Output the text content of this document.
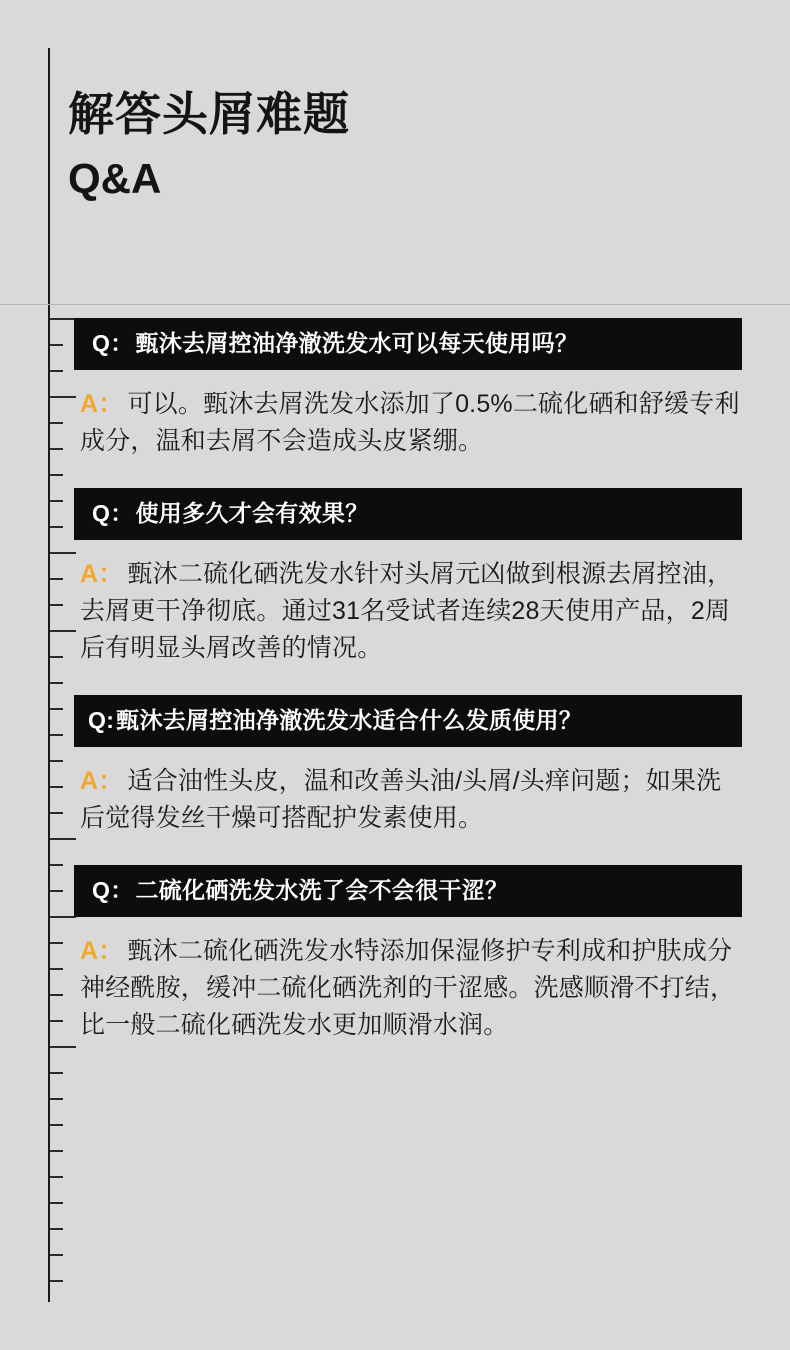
解答头屑难题
Q&A
Q： 甄沐去屑控油净澈洗发水可以每天使用吗？
A： 可以。甄沐去屑洗发水添加了0.5%二硫化硒和舒缓专利成分，温和去屑不会造成头皮紧绷。
Q： 使用多久才会有效果？
A： 甄沐二硫化硒洗发水针对头屑元凶做到根源去屑控油，去屑更干净彻底。通过31名受试者连续28天使用产品，2周后有明显头屑改善的情况。
Q: 甄沐去屑控油净澈洗发水适合什么发质使用？
A： 适合油性头皮，温和改善头油/头屑/头痒问题；如果洗后觉得发丝干燥可搭配护发素使用。
Q： 二硫化硒洗发水洗了会不会很干涩？
A： 甄沐二硫化硒洗发水特添加保湿修护专利成和护肤成分神经酰胺，缓冲二硫化硒洗剂的干涩感。洗感顺滑不打结，比一般二硫化硒洗发水更加顺滑水润。
